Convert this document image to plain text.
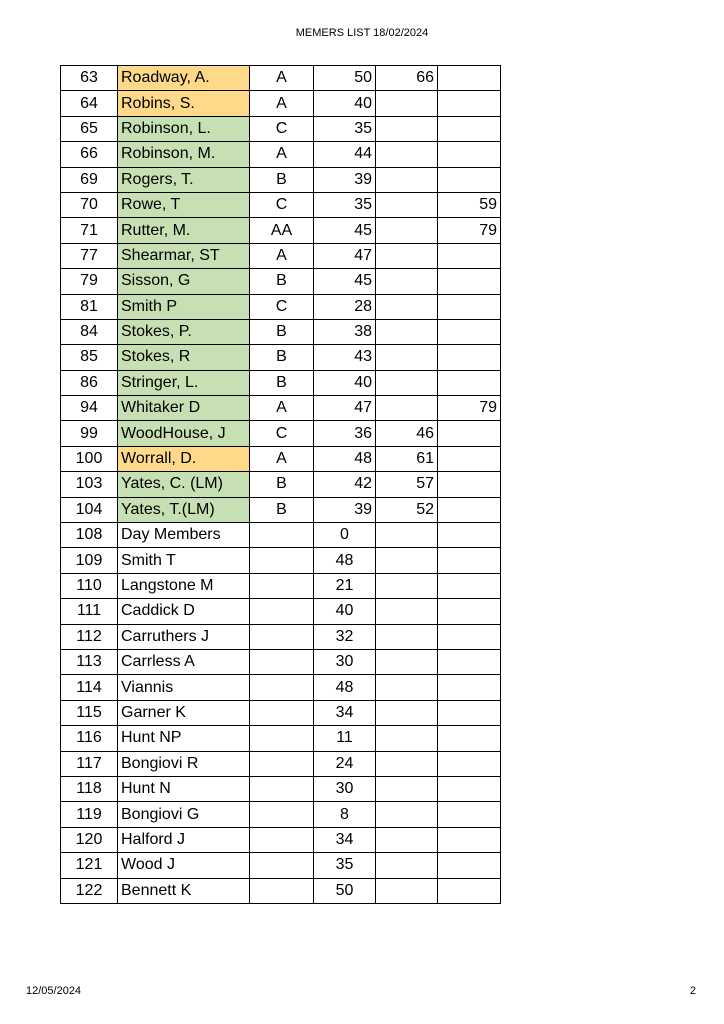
MEMERS LIST 18/02/2024
63	Roadway, A.	A	50	66	
64	Robins, S.	A	40		
65	Robinson, L.	C	35		
66	Robinson, M.	A	44		
69	Rogers, T.	B	39		
70	Rowe, T	C	35		59
71	Rutter, M.	AA	45		79
77	Shearmar, ST	A	47		
79	Sisson, G	B	45		
81	Smith P	C	28		
84	Stokes, P.	B	38		
85	Stokes, R	B	43		
86	Stringer, L.	B	40		
94	Whitaker D	A	47		79
99	WoodHouse, J	C	36	46	
100	Worrall, D.	A	48	61	
103	Yates, C. (LM)	B	42	57	
104	Yates, T.(LM)	B	39	52	
108	Day Members		0		
109	Smith T		48		
110	Langstone M		21		
111	Caddick D		40		
112	Carruthers J		32		
113	Carrless A		30		
114	Viannis		48		
115	Garner K		34		
116	Hunt NP		11		
117	Bongiovi R		24		
118	Hunt N		30		
119	Bongiovi G		8		
120	Halford J		34		
121	Wood J		35		
122	Bennett K		50		
12/05/2024	2
